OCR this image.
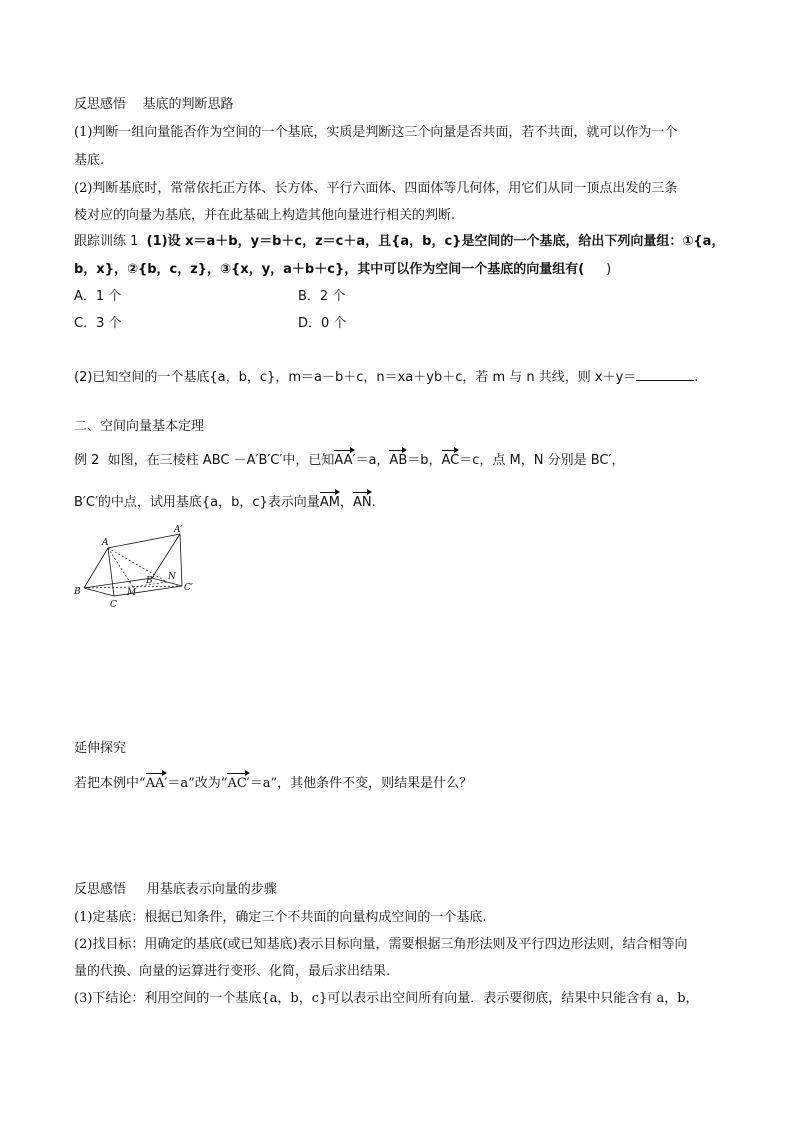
反思感悟 基底的判断思路
(1)判断一组向量能否作为空间的一个基底，实质是判断这三个向量是否共面，若不共面，就可以作为一个
基底.
(2)判断基底时，常常依托正方体、长方体、平行六面体、四面体等几何体，用它们从同一顶点出发的三条
棱对应的向量为基底，并在此基础上构造其他向量进行相关的判断.
跟踪训练 1 (1)设 x＝a＋b，y＝b＋c，z＝c＋a，且{a，b，c}是空间的一个基底，给出下列向量组：①{a，
b，x}，②{b，c，z}，③{x，y，a＋b＋c}，其中可以作为空间一个基底的向量组有( )
A．1 个	B．2 个
C．3 个	D．0 个
(2)已知空间的一个基底{a，b，c}，m＝a－b＋c，n＝xa＋yb＋c，若 m 与 n 共线，则 x＋y＝	.
二、空间向量基本定理
例 2 如图，在三棱柱 ABC －A′B′C′中，已知AA′＝a，AB＝b，AC＝c，点 M，N 分别是 BC′，
B′C′的中点，试用基底{a，b，c}表示向量AM，AN.
A
A′
B
B′
C
C′
M
N
延伸探究
若把本例中“AA′＝a”改为“AC′＝a”，其他条件不变，则结果是什么？
反思感悟 用基底表示向量的步骤
(1)定基底：根据已知条件，确定三个不共面的向量构成空间的一个基底.
(2)找目标：用确定的基底(或已知基底)表示目标向量，需要根据三角形法则及平行四边形法则，结合相等向
量的代换、向量的运算进行变形、化简，最后求出结果.
(3)下结论：利用空间的一个基底{a，b，c}可以表示出空间所有向量．表示要彻底，结果中只能含有 a，b，
